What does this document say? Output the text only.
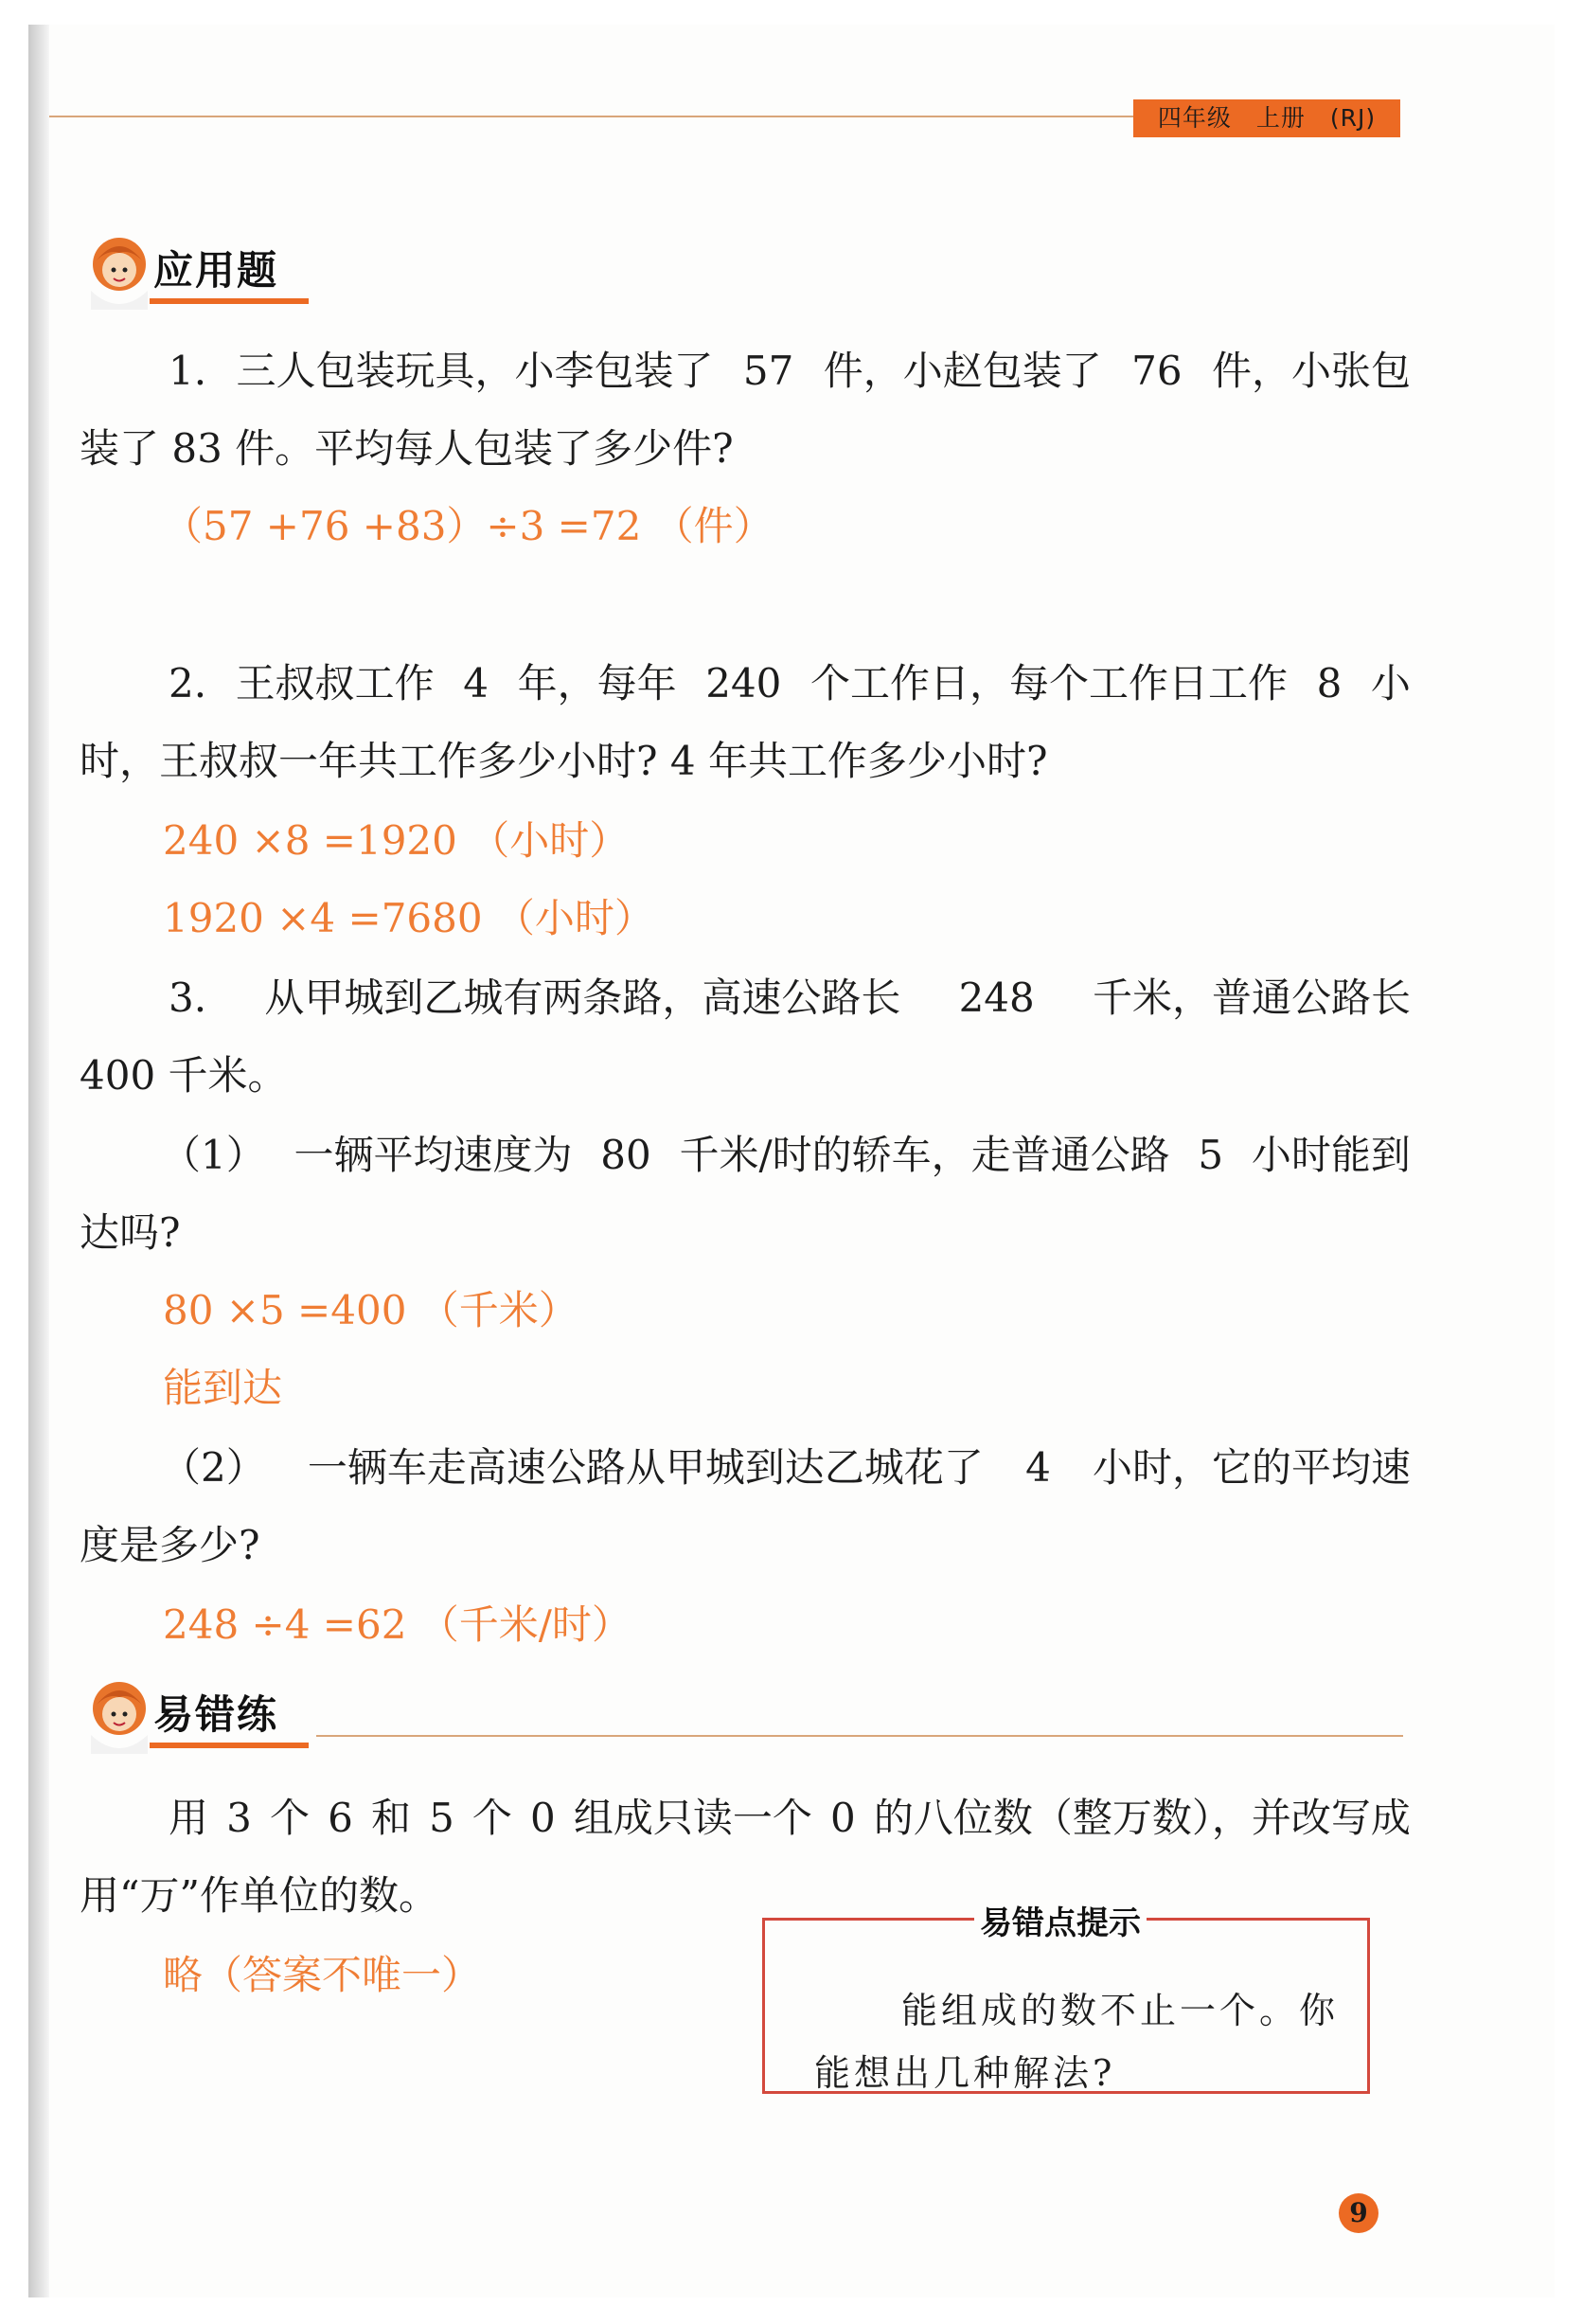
四年级　上册　(RJ)
应用题
1. 三人包装玩具，小李包装了 57 件，小赵包装了 76 件，小张包
装了 83 件。平均每人包装了多少件?
（57 +76 +83）÷3 =72 （件）
2. 王叔叔工作 4 年，每年 240 个工作日，每个工作日工作 8 小
时，王叔叔一年共工作多少小时? 4 年共工作多少小时?
240 ×8 =1920 （小时）
1920 ×4 =7680 （小时）
3. 从甲城到乙城有两条路，高速公路长 248 千米，普通公路长
400 千米。
（1） 一辆平均速度为 80 千米/时的轿车，走普通公路 5 小时能到
达吗?
80 ×5 =400 （千米）
能到达
（2） 一辆车走高速公路从甲城到达乙城花了 4 小时，它的平均速
度是多少?
248 ÷4 =62 （千米/时）
易错练
用 3 个 6 和 5 个 0 组成只读一个 0 的八位数（整万数），并改写成
用“万”作单位的数。
略（答案不唯一）
易错点提示
能组成的数不止一个。你
能想出几种解法?
9
